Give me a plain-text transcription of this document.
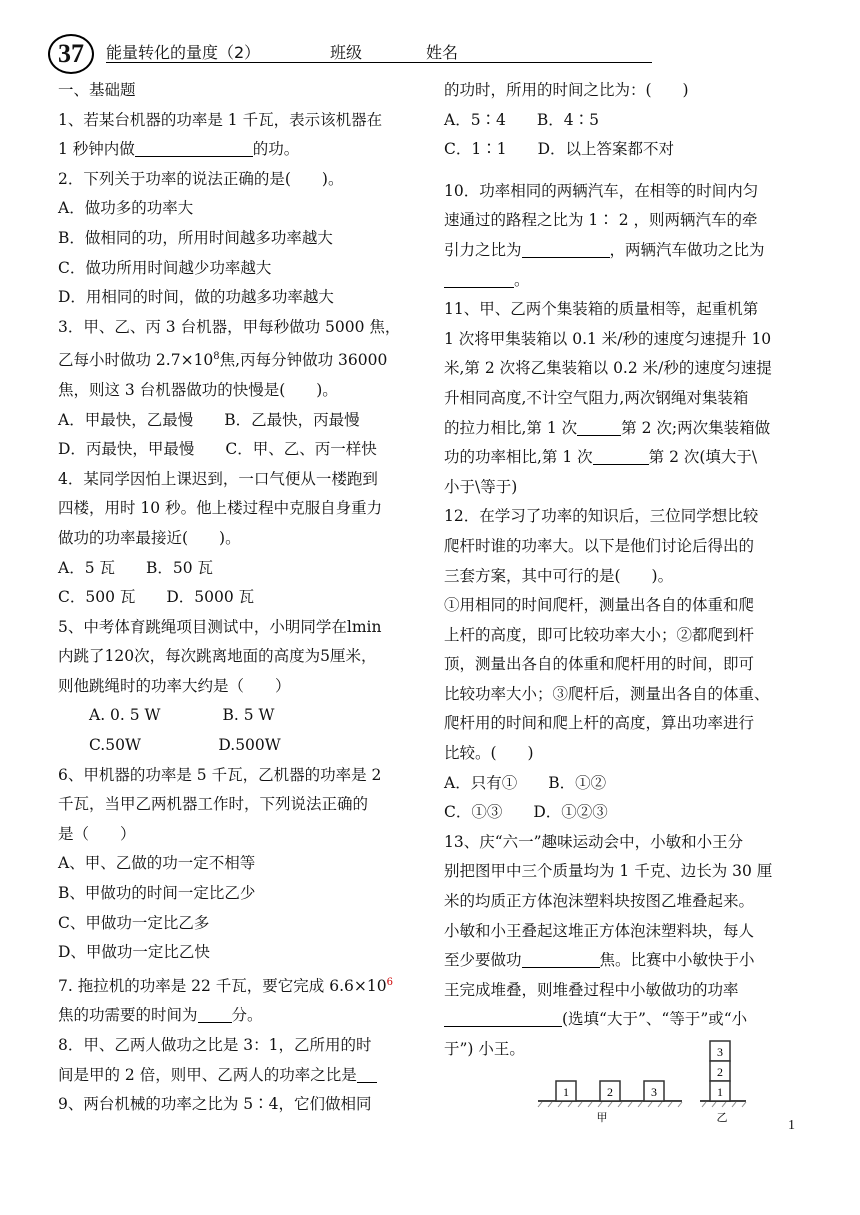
37	能量转化的量度（2）	班级	姓名

一、基础题

1、若某台机器的功率是 1 千瓦，表示该机器在

1 秒钟内做	的功。

2．下列关于功率的说法正确的是(　　)。

A．做功多的功率大

B．做相同的功，所用时间越多功率越大

C．做功所用时间越少功率越大

D．用相同的时间，做的功越多功率越大

3．甲、乙、丙 3 台机器，甲每秒做功 5000 焦，

乙每小时做功 $2.7\times 10^8$焦,丙每分钟做功 36000

焦，则这 3 台机器做功的快慢是(　　)。

A．甲最快，乙最慢　　B．乙最快，丙最慢

D．丙最快，甲最慢　　C．甲、乙、丙一样快

4．某同学因怕上课迟到，一口气便从一楼跑到

四楼，用时 10 秒。他上楼过程中克服自身重力

做功的功率最接近(　　)。

A．5 瓦　　B．50 瓦

C．500 瓦　　D．5000 瓦

5、中考体育跳绳项目测试中，小明同学在lmin

内跳了120次，每次跳离地面的高度为5厘米，

则他跳绳时的功率大约是（　　）

　　A. 0. 5 W　　　　B. 5 W

　　C.50W　　　　　D.500W

6、甲机器的功率是 5 千瓦，乙机器的功率是 2

千瓦，当甲乙两机器工作时，下列说法正确的

是（　　）

A、甲、乙做的功一定不相等

B、甲做功的时间一定比乙少

C、甲做功一定比乙多

D、甲做功一定比乙快

7. 拖拉机的功率是 22 千瓦，要它完成 $6.6\times 10^6$

焦的功需要的时间为 分。

8．甲、乙两人做功之比是 3：1，乙所用的时

间是甲的 2 倍，则甲、乙两人的功率之比是

9、两台机械的功率之比为 5∶4，它们做相同

的功时，所用的时间之比为：(　　)

A．5∶4　　B．4∶5

C．1∶1　　D．以上答案都不对

10．功率相同的两辆汽车，在相等的时间内匀

速通过的路程之比为 1∶ 2 ，则两辆汽车的牵

引力之比为	，两辆汽车做功之比为

。

11、甲、乙两个集装箱的质量相等，起重机第

1 次将甲集装箱以 0.1 米/秒的速度匀速提升 10

米,第 2 次将乙集装箱以 0.2 米/秒的速度匀速提

升相同高度,不计空气阻力,两次钢绳对集装箱

的拉力相比,第 1 次	第 2 次;两次集装箱做

功的功率相比,第 1 次	第 2 次(填大于\

小于\等于)

12．在学习了功率的知识后，三位同学想比较

爬杆时谁的功率大。以下是他们讨论后得出的

三套方案，其中可行的是(　　)。

①用相同的时间爬杆，测量出各自的体重和爬

上杆的高度，即可比较功率大小；②都爬到杆

顶，测量出各自的体重和爬杆用的时间，即可

比较功率大小；③爬杆后，测量出各自的体重、

爬杆用的时间和爬上杆的高度，算出功率进行

比较。(　　)

A．只有①　　B．①②

C．①③　　D．①②③

13、庆“六一”趣味运动会中，小敏和小王分

别把图甲中三个质量均为 1 千克、边长为 30 厘

米的均质正方体泡沫塑料块按图乙堆叠起来。

小敏和小王叠起这堆正方体泡沫塑料块，每人

至少要做功	焦。比赛中小敏快于小

王完成堆叠，则堆叠过程中小敏做功的功率

(选填“大于”、“等于”或“小

于”) 小王。

1	2	3
3
2
1
甲	乙
1
